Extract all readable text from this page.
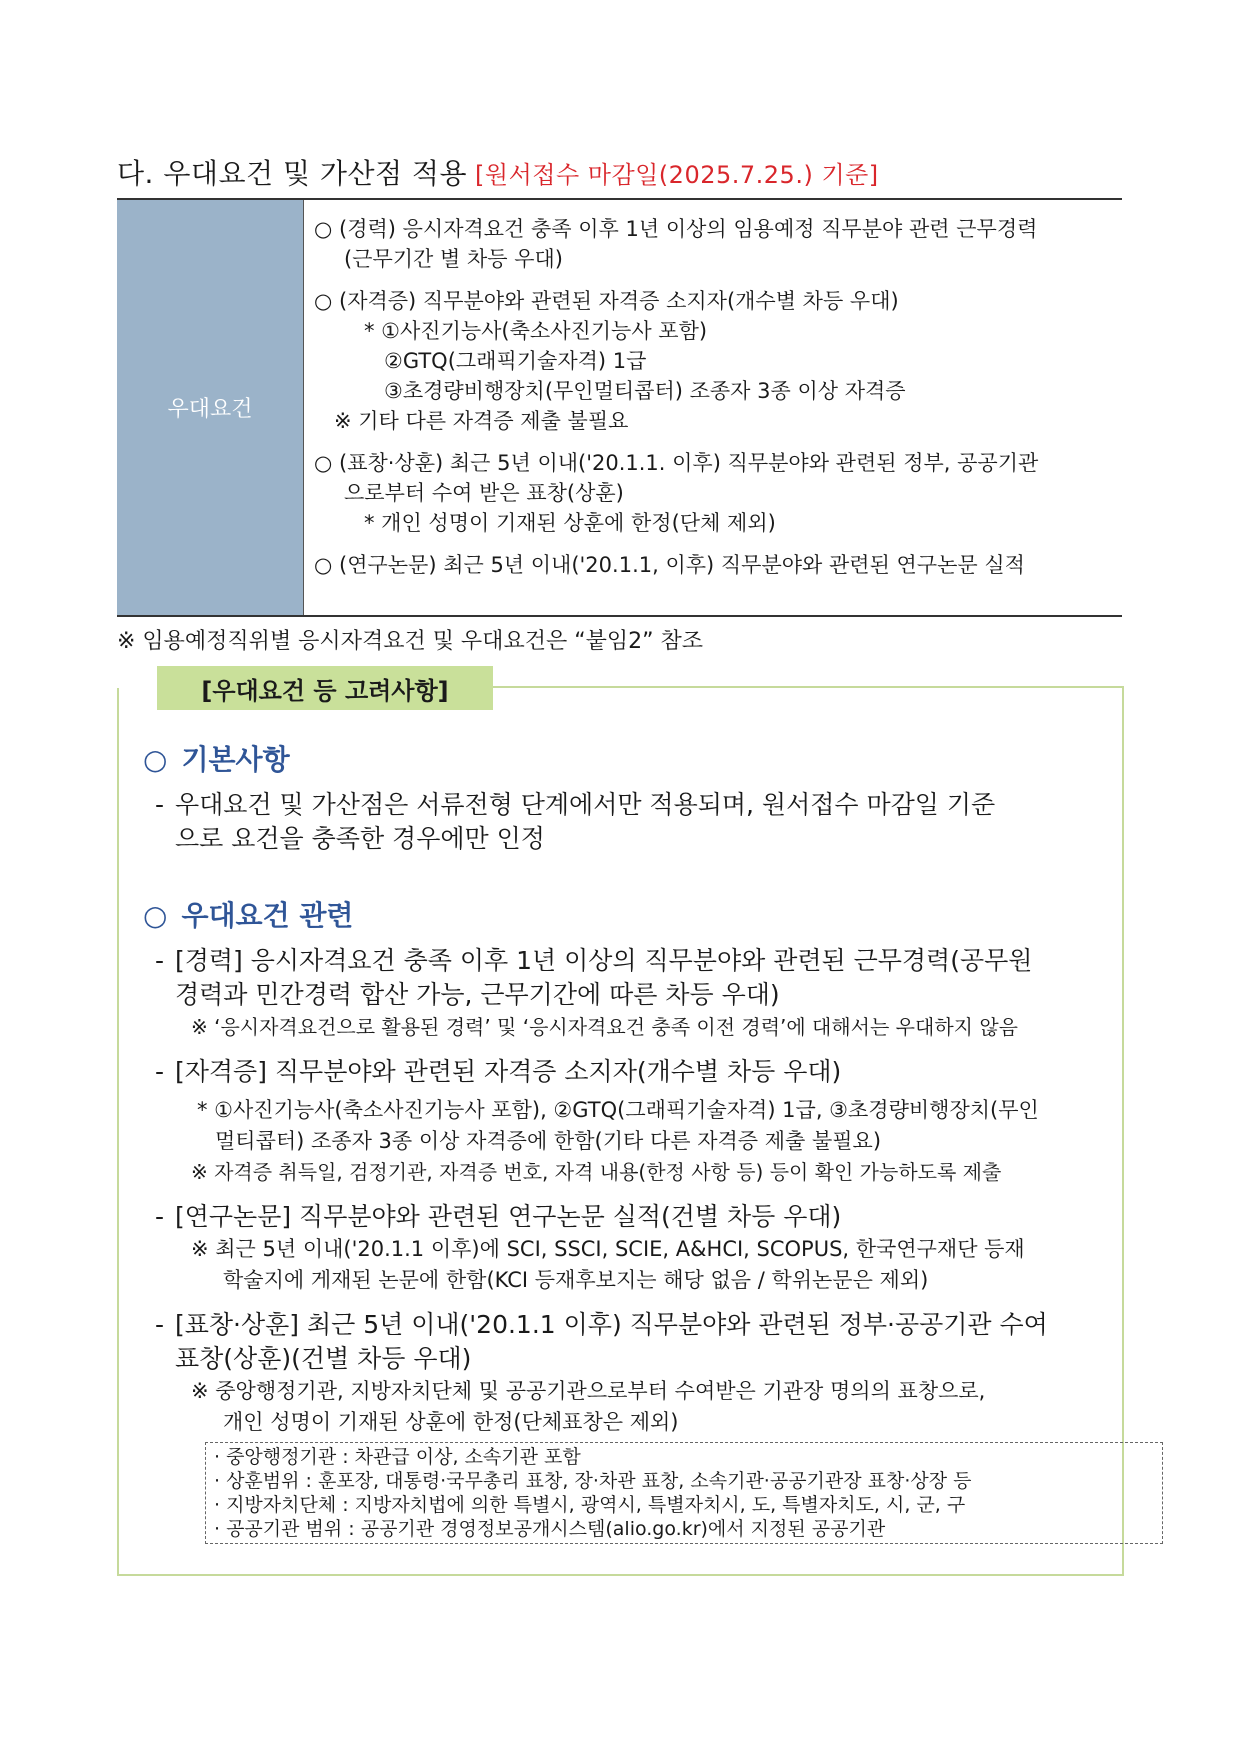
다. 우대요건 및 가산점 적용 [원서접수 마감일(2025.7.25.) 기준]
우대요건

○ (경력) 응시자격요건 충족 이후 1년 이상의 임용예정 직무분야 관련 근무경력

(근무기간 별 차등 우대)

○ (자격증) 직무분야와 관련된 자격증 소지자(개수별 차등 우대)

* ①사진기능사(축소사진기능사 포함)

②GTQ(그래픽기술자격) 1급

③초경량비행장치(무인멀티콥터) 조종자 3종 이상 자격증

※ 기타 다른 자격증 제출 불필요

○ (표창·상훈) 최근 5년 이내('20.1.1. 이후) 직무분야와 관련된 정부, 공공기관

으로부터 수여 받은 표창(상훈)

* 개인 성명이 기재된 상훈에 한정(단체 제외)

○ (연구논문) 최근 5년 이내('20.1.1, 이후) 직무분야와 관련된 연구논문 실적

※ 임용예정직위별 응시자격요건 및 우대요건은 “붙임2” 참조
[우대요건 등 고려사항]
○ 기본사항

- 우대요건 및 가산점은 서류전형 단계에서만 적용되며, 원서접수 마감일 기준
으로 요건을 충족한 경우에만 인정

○ 우대요건 관련

- [경력] 응시자격요건 충족 이후 1년 이상의 직무분야와 관련된 근무경력(공무원
경력과 민간경력 합산 가능, 근무기간에 따른 차등 우대)

※ ‘응시자격요건으로 활용된 경력’ 및 ‘응시자격요건 충족 이전 경력’에 대해서는 우대하지 않음

- [자격증] 직무분야와 관련된 자격증 소지자(개수별 차등 우대)

* ①사진기능사(축소사진기능사 포함), ②GTQ(그래픽기술자격) 1급, ③초경량비행장치(무인

멀티콥터) 조종자 3종 이상 자격증에 한함(기타 다른 자격증 제출 불필요)

※ 자격증 취득일, 검정기관, 자격증 번호, 자격 내용(한정 사항 등) 등이 확인 가능하도록 제출

- [연구논문] 직무분야와 관련된 연구논문 실적(건별 차등 우대)

※ 최근 5년 이내('20.1.1 이후)에 SCI, SSCI, SCIE, A&HCI, SCOPUS, 한국연구재단 등재

학술지에 게재된 논문에 한함(KCI 등재후보지는 해당 없음 / 학위논문은 제외)

- [표창·상훈] 최근 5년 이내('20.1.1 이후) 직무분야와 관련된 정부·공공기관 수여
표창(상훈)(건별 차등 우대)

※ 중앙행정기관, 지방자치단체 및 공공기관으로부터 수여받은 기관장 명의의 표창으로,

개인 성명이 기재된 상훈에 한정(단체표창은 제외)

· 중앙행정기관 : 차관급 이상, 소속기관 포함

· 상훈범위 : 훈포장, 대통령·국무총리 표창, 장·차관 표창, 소속기관·공공기관장 표창·상장 등

· 지방자치단체 : 지방자치법에 의한 특별시, 광역시, 특별자치시, 도, 특별자치도, 시, 군, 구

· 공공기관 범위 : 공공기관 경영정보공개시스템(alio.go.kr)에서 지정된 공공기관
